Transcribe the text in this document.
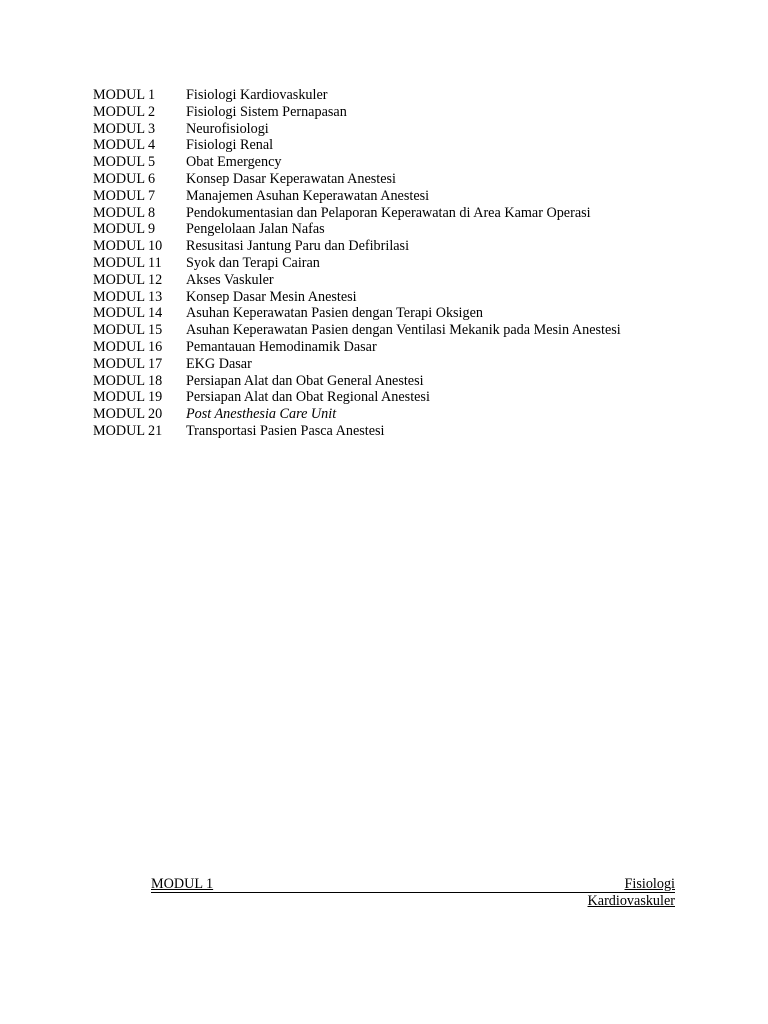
MODUL 1	Fisiologi Kardiovaskuler
MODUL 2	Fisiologi Sistem Pernapasan
MODUL 3	Neurofisiologi
MODUL 4	Fisiologi Renal
MODUL 5	Obat Emergency
MODUL 6	Konsep Dasar Keperawatan Anestesi
MODUL 7	Manajemen Asuhan Keperawatan Anestesi
MODUL 8	Pendokumentasian dan Pelaporan Keperawatan di Area Kamar Operasi
MODUL 9	Pengelolaan Jalan Nafas
MODUL 10	Resusitasi Jantung Paru dan Defibrilasi
MODUL 11	Syok dan Terapi Cairan
MODUL 12	Akses Vaskuler
MODUL 13	Konsep Dasar Mesin Anestesi
MODUL 14	Asuhan Keperawatan Pasien dengan Terapi Oksigen
MODUL 15	Asuhan Keperawatan Pasien dengan Ventilasi Mekanik pada Mesin Anestesi
MODUL 16	Pemantauan Hemodinamik Dasar
MODUL 17	EKG Dasar
MODUL 18	Persiapan Alat dan Obat General Anestesi
MODUL 19	Persiapan Alat dan Obat Regional Anestesi
MODUL 20	Post Anesthesia Care Unit
MODUL 21	Transportasi Pasien Pasca Anestesi
MODUL 1	Fisiologi
Kardiovaskuler
